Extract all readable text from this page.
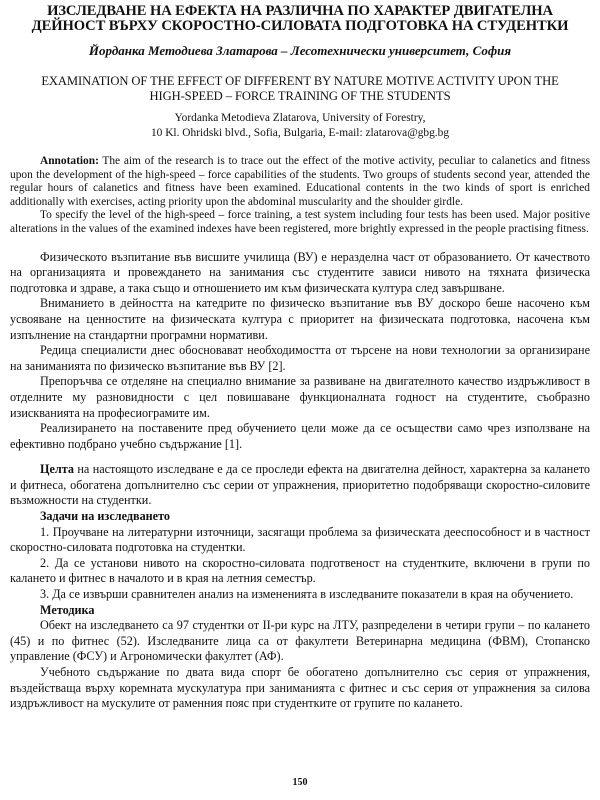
ИЗСЛЕДВАНЕ НА ЕФЕКТА НА РАЗЛИЧНА ПО ХАРАКТЕР ДВИГАТЕЛНА
ДЕЙНОСТ ВЪРХУ СКОРОСТНО-СИЛОВАТА ПОДГОТОВКА НА СТУДЕНТКИ
Йорданка Методиева Златарова – Лесотехнически университет, София
EXAMINATION OF THE EFFECT OF DIFFERENT BY NATURE MOTIVE ACTIVITY UPON THE
HIGH-SPEED – FORCE TRAINING OF THE STUDENTS
Yordanka Metodieva Zlatarova, University of Forestry,
10 Kl. Ohridski blvd., Sofia, Bulgaria, E-mail: zlatarova@gbg.bg

Annotation: The aim of the research is to trace out the effect of the motive activity, peculiar to calanetics and fitness upon the development of the high-speed – force capabilities of the students. Two groups of students second year, attended the regular hours of calanetics and fitness have been examined. Educational contents in the two kinds of sport is enriched additionally with exercises, acting priority upon the abdominal muscularity and the shoulder girdle.

To specify the level of the high-speed – force training, a test system including four tests has been used. Major positive alterations in the values of the examined indexes have been registered, more brightly expressed in the people practising fitness.

Физическото възпитание във висшите училища (ВУ) е неразделна част от образованието. От качеството на организацията и провеждането на занимания със студентите зависи нивото на тяхната физическа подготовка и здраве, а така също и отношението им към физическата култура след завършване.

Вниманието в дейността на катедрите по физическо възпитание във ВУ доскоро беше насочено към усвояване на ценностите на физическата култура с приоритет на физическата подготовка, насочена към изпълнение на стандартни програмни нормативи.

Редица специалисти днес обосновават необходимостта от търсене на нови технологии за организиране на заниманията по физическо възпитание във ВУ [2].

Препоръчва се отделяне на специално внимание за развиване на двигателното качество издръжливост в отделните му разновидности с цел повишаване функционалната годност на студентите, съобразно изискванията на професиограмите им.

Реализирането на поставените пред обучението цели може да се осъществи само чрез използване на ефективно подбрано учебно съдържание [1].

Целта на настоящото изследване е да се проследи ефекта на двигателна дейност, характерна за калането и фитнеса, обогатена допълнително със серии от упражнения, приоритетно подобряващи скоростно-силовите възможности на студентки.

Задачи на изследването

1. Проучване на литературни източници, засягащи проблема за физическата дееспособност и в частност скоростно-силовата подготовка на студентки.

2. Да се установи нивото на скоростно-силовата подготвеност на студентките, включени в групи по калането и фитнес в началото и в края на летния семестър.

3. Да се извърши сравнителен анализ на измененията в изследваните показатели в края на обучението.

Методика

Обект на изследването са 97 студентки от II-ри курс на ЛТУ, разпределени в четири групи – по калането (45) и по фитнес (52). Изследваните лица са от факултети Ветеринарна медицина (ФВМ), Стопанско управление (ФСУ) и Агрономически факултет (АФ).

Учебното съдържание по двата вида спорт бе обогатено допълнително със серия от упражнения, въздействаща върху коремната мускулатура при заниманията с фитнес и със серия от упражнения за силова издръжливост на мускулите от раменния пояс при студентките от групите по калането.

150
